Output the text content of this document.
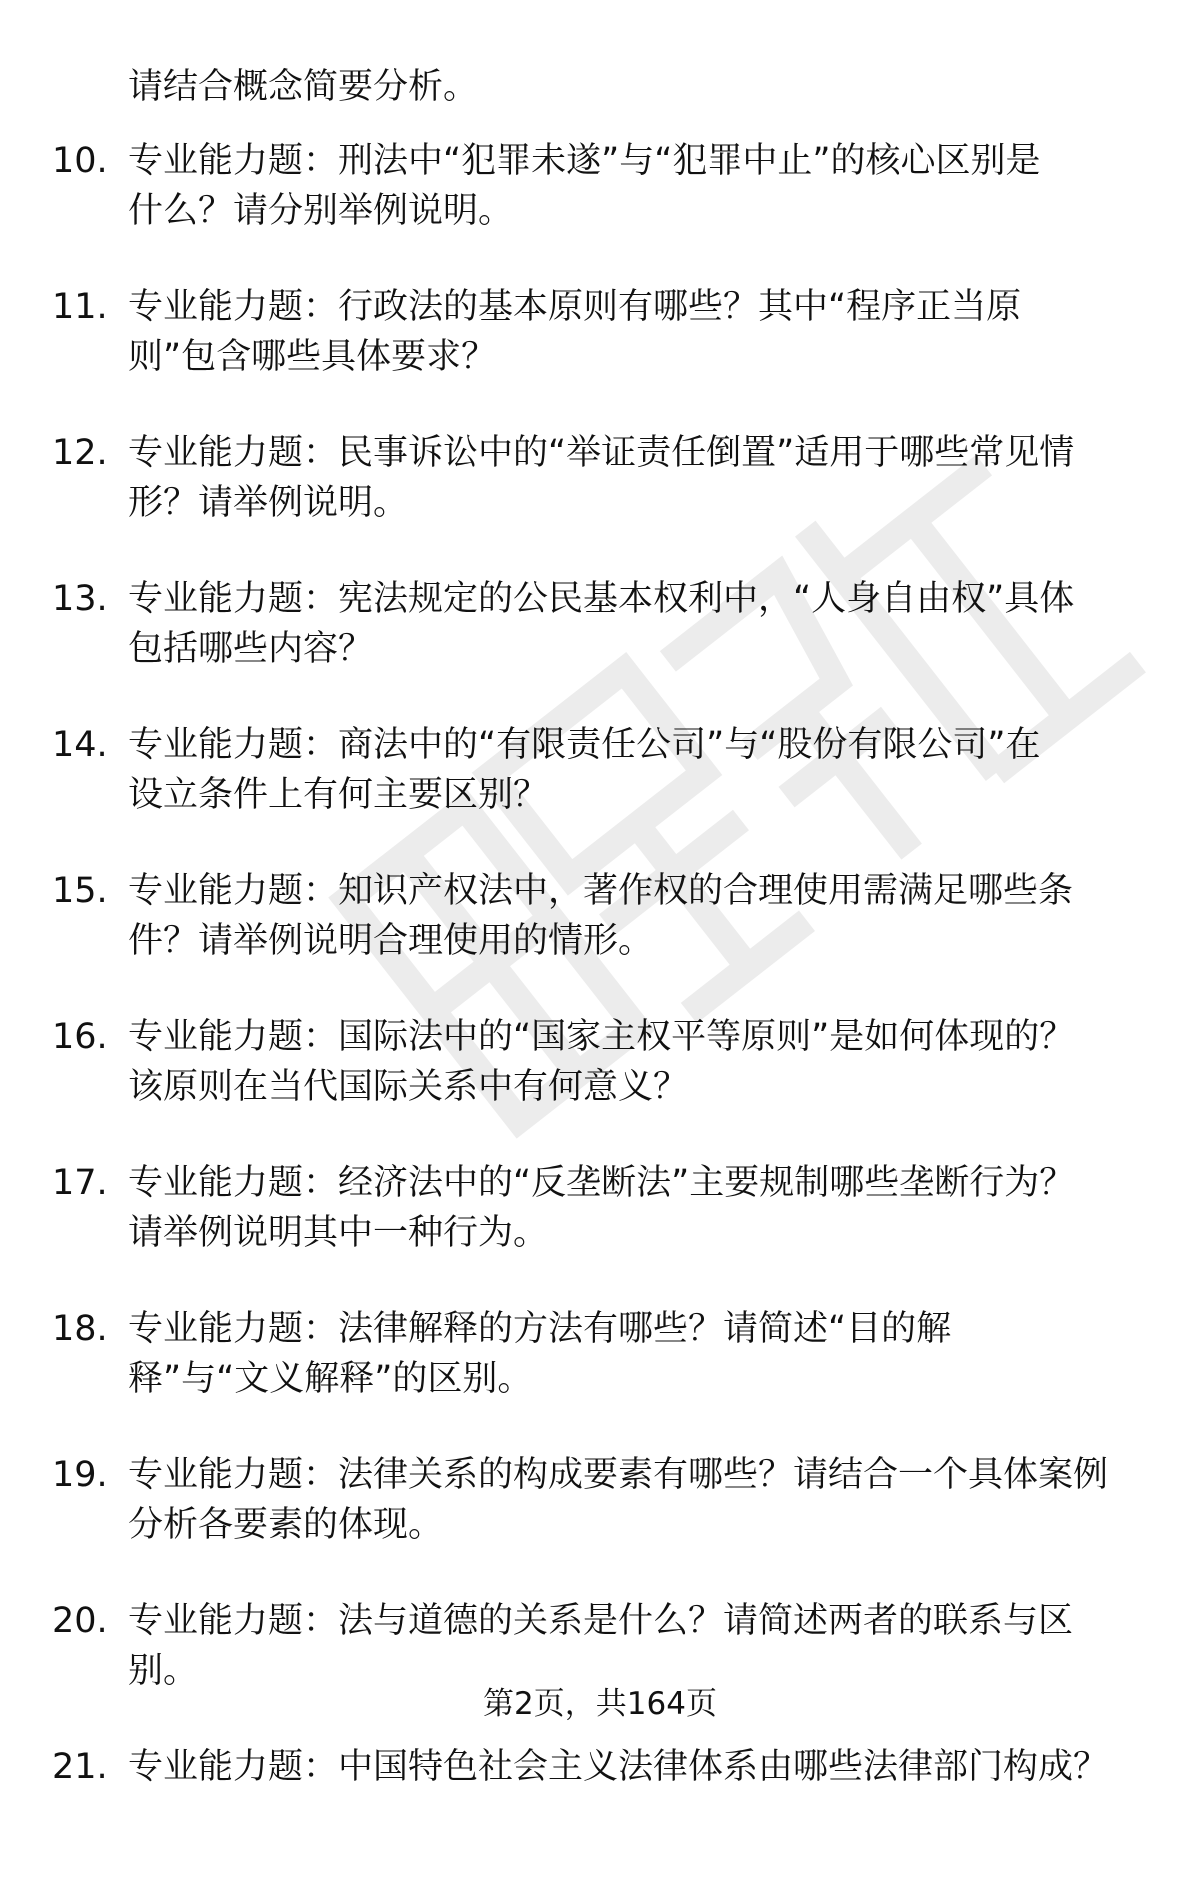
请结合概念简要分析。
10. 专业能力题：刑法中“犯罪未遂”与“犯罪中止”的核心区别是
什么？请分别举例说明。
11. 专业能力题：行政法的基本原则有哪些？其中“程序正当原
则”包含哪些具体要求？
12. 专业能力题：民事诉讼中的“举证责任倒置”适用于哪些常见情
形？请举例说明。
13. 专业能力题：宪法规定的公民基本权利中，“人身自由权”具体
包括哪些内容？
14. 专业能力题：商法中的“有限责任公司”与“股份有限公司”在
设立条件上有何主要区别？
15. 专业能力题：知识产权法中，著作权的合理使用需满足哪些条
件？请举例说明合理使用的情形。
16. 专业能力题：国际法中的“国家主权平等原则”是如何体现的？
该原则在当代国际关系中有何意义？
17. 专业能力题：经济法中的“反垄断法”主要规制哪些垄断行为？
请举例说明其中一种行为。
18. 专业能力题：法律解释的方法有哪些？请简述“目的解
释”与“文义解释”的区别。
19. 专业能力题：法律关系的构成要素有哪些？请结合一个具体案例
分析各要素的体现。
20. 专业能力题：法与道德的关系是什么？请简述两者的联系与区
别。
21. 专业能力题：中国特色社会主义法律体系由哪些法律部门构成？
第2页，共164页
